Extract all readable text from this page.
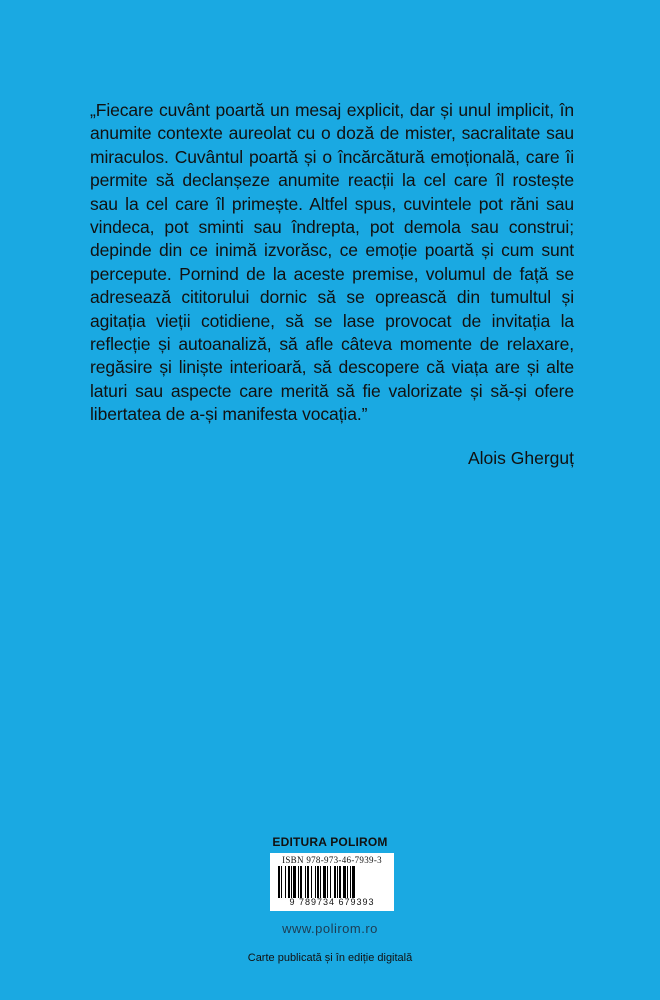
„Fiecare cuvânt poartă un mesaj explicit, dar și unul implicit, în anumite contexte aureolat cu o doză de mister, sacralitate sau miraculos. Cuvântul poartă și o încărcătură emoțională, care îi permite să declanșeze anumite reacții la cel care îl rostește sau la cel care îl primește. Altfel spus, cuvintele pot răni sau vindeca, pot sminti sau îndrepta, pot demola sau construi; depinde din ce inimă izvorăsc, ce emoție poartă și cum sunt percepute. Pornind de la aceste premise, volumul de față se adresează cititorului dornic să se oprească din tumultul și agitația vieții cotidiene, să se lase provocat de invitația la reflecție și autoanaliză, să afle câteva momente de relaxare, regăsire și liniște interioară, să descopere că viața are și alte laturi sau aspecte care merită să fie valorizate și să-și ofere libertatea de a-și manifesta vocația.”

Alois Gherguț

EDITURA POLIROM

ISBN 978-973-46-7939-3
9 789734 679393

www.polirom.ro

Carte publicată și în ediție digitală
